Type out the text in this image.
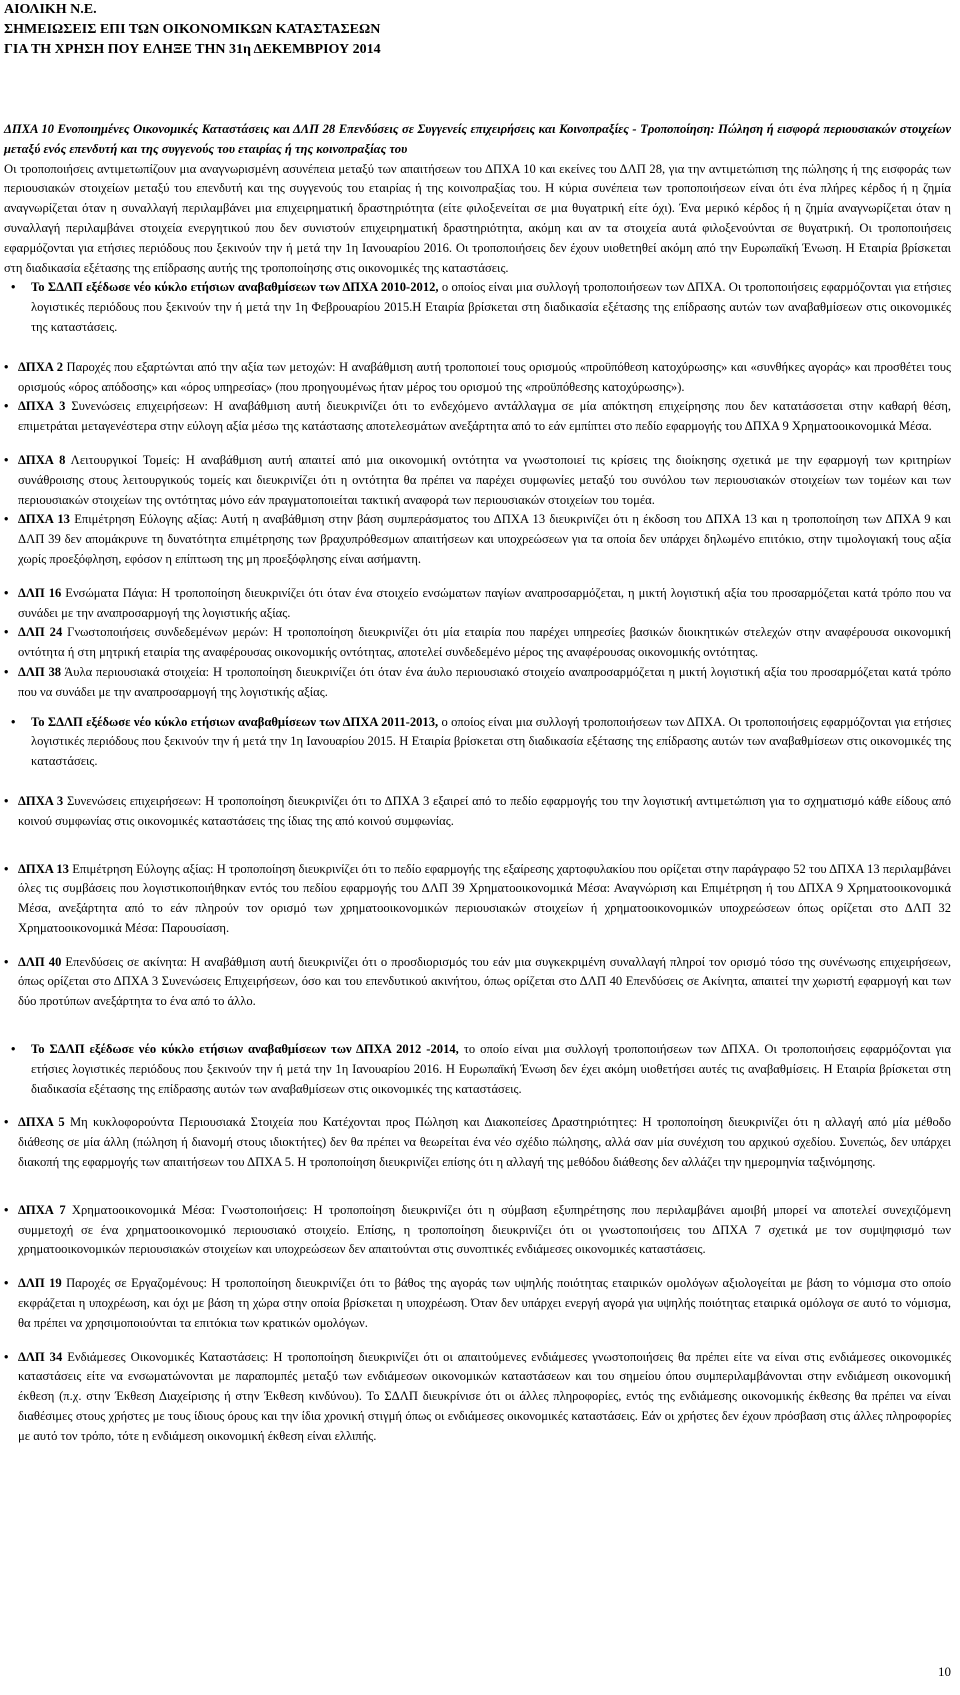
ΑΙΟΛΙΚΗ Ν.Ε.
ΣΗΜΕΙΩΣΕΙΣ ΕΠΙ ΤΩΝ ΟΙΚΟΝΟΜΙΚΩΝ ΚΑΤΑΣΤΑΣΕΩΝ
ΓΙΑ ΤΗ ΧΡΗΣΗ ΠΟΥ ΕΛΗΞΕ ΤΗΝ 31η ΔΕΚΕΜΒΡΙΟΥ 2014

ΔΠΧΑ 10 Ενοποιημένες Οικονομικές Καταστάσεις και ΔΛΠ 28 Επενδύσεις σε Συγγενείς επιχειρήσεις και Κοινοπραξίες - Τροποποίηση: Πώληση ή εισφορά περιουσιακών στοιχείων μεταξύ ενός επενδυτή και της συγγενούς του εταιρίας ή της κοινοπραξίας του

Οι τροποποιήσεις αντιμετωπίζουν μια αναγνωρισμένη ασυνέπεια μεταξύ των απαιτήσεων του ΔΠΧΑ 10 και εκείνες του ΔΛΠ 28, για την αντιμετώπιση της πώλησης ή της εισφοράς των περιουσιακών στοιχείων μεταξύ του επενδυτή και της συγγενούς του εταιρίας ή της κοινοπραξίας του. Η κύρια συνέπεια των τροποποιήσεων είναι ότι ένα πλήρες κέρδος ή η ζημία αναγνωρίζεται όταν η συναλλαγή περιλαμβάνει μια επιχειρηματική δραστηριότητα (είτε φιλοξενείται σε μια θυγατρική είτε όχι). Ένα μερικό κέρδος ή η ζημία αναγνωρίζεται όταν η συναλλαγή περιλαμβάνει στοιχεία ενεργητικού που δεν συνιστούν επιχειρηματική δραστηριότητα, ακόμη και αν τα στοιχεία αυτά φιλοξενούνται σε θυγατρική. Οι τροποποιήσεις εφαρμόζονται για ετήσιες περιόδους που ξεκινούν την ή μετά την 1η Ιανουαρίου 2016. Οι τροποποιήσεις δεν έχουν υιοθετηθεί ακόμη από την Ευρωπαϊκή Ένωση. Η Εταιρία βρίσκεται στη διαδικασία εξέτασης της επίδρασης αυτής της τροποποίησης στις οικονομικές της καταστάσεις.

• Το ΣΔΛΠ εξέδωσε νέο κύκλο ετήσιων αναβαθμίσεων των ΔΠΧΑ 2010-2012, ο οποίος είναι μια συλλογή τροποποιήσεων των ΔΠΧΑ. Οι τροποποιήσεις εφαρμόζονται για ετήσιες λογιστικές περιόδους που ξεκινούν την ή μετά την 1η Φεβρουαρίου 2015.Η Εταιρία βρίσκεται στη διαδικασία εξέτασης της επίδρασης αυτών των αναβαθμίσεων στις οικονομικές της καταστάσεις.

• ΔΠΧΑ 2 Παροχές που εξαρτώνται από την αξία των μετοχών: Η αναβάθμιση αυτή τροποποιεί τους ορισμούς «προϋπόθεση κατοχύρωσης» και «συνθήκες αγοράς» και προσθέτει τους ορισμούς «όρος απόδοσης» και «όρος υπηρεσίας» (που προηγουμένως ήταν μέρος του ορισμού της «προϋπόθεσης κατοχύρωσης»).

• ΔΠΧΑ 3 Συνενώσεις επιχειρήσεων: Η αναβάθμιση αυτή διευκρινίζει ότι το ενδεχόμενο αντάλλαγμα σε μία απόκτηση επιχείρησης που δεν κατατάσσεται στην καθαρή θέση, επιμετράται μεταγενέστερα στην εύλογη αξία μέσω της κατάστασης αποτελεσμάτων ανεξάρτητα από το εάν εμπίπτει στο πεδίο εφαρμογής του ΔΠΧΑ 9 Χρηματοοικονομικά Μέσα.

• ΔΠΧΑ 8 Λειτουργικοί Τομείς: Η αναβάθμιση αυτή απαιτεί από μια οικονομική οντότητα να γνωστοποιεί τις κρίσεις της διοίκησης σχετικά με την εφαρμογή των κριτηρίων συνάθροισης στους λειτουργικούς τομείς και διευκρινίζει ότι η οντότητα θα πρέπει να παρέχει συμφωνίες μεταξύ του συνόλου των περιουσιακών στοιχείων των τομέων και των περιουσιακών στοιχείων της οντότητας μόνο εάν πραγματοποιείται τακτική αναφορά των περιουσιακών στοιχείων του τομέα.

• ΔΠΧΑ 13 Επιμέτρηση Εύλογης αξίας: Αυτή η αναβάθμιση στην βάση συμπεράσματος του ΔΠΧΑ 13 διευκρινίζει ότι η έκδοση του ΔΠΧΑ 13 και η τροποποίηση των ΔΠΧΑ 9 και ΔΛΠ 39 δεν απομάκρυνε τη δυνατότητα επιμέτρησης των βραχυπρόθεσμων απαιτήσεων και υποχρεώσεων για τα οποία δεν υπάρχει δηλωμένο επιτόκιο, στην τιμολογιακή τους αξία χωρίς προεξόφληση, εφόσον η επίπτωση της μη προεξόφλησης είναι ασήμαντη.

• ΔΛΠ 16 Ενσώματα Πάγια: Η τροποποίηση διευκρινίζει ότι όταν ένα στοιχείο ενσώματων παγίων αναπροσαρμόζεται, η μικτή λογιστική αξία του προσαρμόζεται κατά τρόπο που να συνάδει με την αναπροσαρμογή της λογιστικής αξίας.

• ΔΛΠ 24 Γνωστοποιήσεις συνδεδεμένων μερών: Η τροποποίηση διευκρινίζει ότι μία εταιρία που παρέχει υπηρεσίες βασικών διοικητικών στελεχών στην αναφέρουσα οικονομική οντότητα ή στη μητρική εταιρία της αναφέρουσας οικονομικής οντότητας, αποτελεί συνδεδεμένο μέρος της αναφέρουσας οικονομικής οντότητας.

• ΔΛΠ 38 Άυλα περιουσιακά στοιχεία: Η τροποποίηση διευκρινίζει ότι όταν ένα άυλο περιουσιακό στοιχείο αναπροσαρμόζεται η μικτή λογιστική αξία του προσαρμόζεται κατά τρόπο που να συνάδει με την αναπροσαρμογή της λογιστικής αξίας.

• Το ΣΔΛΠ εξέδωσε νέο κύκλο ετήσιων αναβαθμίσεων των ΔΠΧΑ 2011-2013, ο οποίος είναι μια συλλογή τροποποιήσεων των ΔΠΧΑ. Οι τροποποιήσεις εφαρμόζονται για ετήσιες λογιστικές περιόδους που ξεκινούν την ή μετά την 1η Ιανουαρίου 2015. Η Εταιρία βρίσκεται στη διαδικασία εξέτασης της επίδρασης αυτών των αναβαθμίσεων στις οικονομικές της καταστάσεις.

• ΔΠΧΑ 3 Συνενώσεις επιχειρήσεων: Η τροποποίηση διευκρινίζει ότι το ΔΠΧΑ 3 εξαιρεί από το πεδίο εφαρμογής του την λογιστική αντιμετώπιση για το σχηματισμό κάθε είδους από κοινού συμφωνίας στις οικονομικές καταστάσεις της ίδιας της από κοινού συμφωνίας.

• ΔΠΧΑ 13 Επιμέτρηση Εύλογης αξίας: Η τροποποίηση διευκρινίζει ότι το πεδίο εφαρμογής της εξαίρεσης χαρτοφυλακίου που ορίζεται στην παράγραφο 52 του ΔΠΧΑ 13 περιλαμβάνει όλες τις συμβάσεις που λογιστικοποιήθηκαν εντός του πεδίου εφαρμογής του ΔΛΠ 39 Χρηματοοικονομικά Μέσα: Αναγνώριση και Επιμέτρηση ή του ΔΠΧΑ 9 Χρηματοοικονομικά Μέσα, ανεξάρτητα από το εάν πληρούν τον ορισμό των χρηματοοικονομικών περιουσιακών στοιχείων ή χρηματοοικονομικών υποχρεώσεων όπως ορίζεται στο ΔΛΠ 32 Χρηματοοικονομικά Μέσα: Παρουσίαση.

• ΔΛΠ 40 Επενδύσεις σε ακίνητα: Η αναβάθμιση αυτή διευκρινίζει ότι ο προσδιορισμός του εάν μια συγκεκριμένη συναλλαγή πληροί τον ορισμό τόσο της συνένωσης επιχειρήσεων, όπως ορίζεται στο ΔΠΧΑ 3 Συνενώσεις Επιχειρήσεων, όσο και του επενδυτικού ακινήτου, όπως ορίζεται στο ΔΛΠ 40 Επενδύσεις σε Ακίνητα, απαιτεί την χωριστή εφαρμογή και των δύο προτύπων ανεξάρτητα το ένα από το άλλο.

• Το ΣΔΛΠ εξέδωσε νέο κύκλο ετήσιων αναβαθμίσεων των ΔΠΧΑ 2012 -2014, το οποίο είναι μια συλλογή τροποποιήσεων των ΔΠΧΑ. Οι τροποποιήσεις εφαρμόζονται για ετήσιες λογιστικές περιόδους που ξεκινούν την ή μετά την 1η Ιανουαρίου 2016. Η Ευρωπαϊκή Ένωση δεν έχει ακόμη υιοθετήσει αυτές τις αναβαθμίσεις. Η Εταιρία βρίσκεται στη διαδικασία εξέτασης της επίδρασης αυτών των αναβαθμίσεων στις οικονομικές της καταστάσεις.

• ΔΠΧΑ 5 Μη κυκλοφορούντα Περιουσιακά Στοιχεία που Κατέχονται προς Πώληση και Διακοπείσες Δραστηριότητες: Η τροποποίηση διευκρινίζει ότι η αλλαγή από μία μέθοδο διάθεσης σε μία άλλη (πώληση ή διανομή στους ιδιοκτήτες) δεν θα πρέπει να θεωρείται ένα νέο σχέδιο πώλησης, αλλά σαν μία συνέχιση του αρχικού σχεδίου. Συνεπώς, δεν υπάρχει διακοπή της εφαρμογής των απαιτήσεων του ΔΠΧΑ 5. Η τροποποίηση διευκρινίζει επίσης ότι η αλλαγή της μεθόδου διάθεσης δεν αλλάζει την ημερομηνία ταξινόμησης.

• ΔΠΧΑ 7 Χρηματοοικονομικά Μέσα: Γνωστοποιήσεις: Η τροποποίηση διευκρινίζει ότι η σύμβαση εξυπηρέτησης που περιλαμβάνει αμοιβή μπορεί να αποτελεί συνεχιζόμενη συμμετοχή σε ένα χρηματοοικονομικό περιουσιακό στοιχείο. Επίσης, η τροποποίηση διευκρινίζει ότι οι γνωστοποιήσεις του ΔΠΧΑ 7 σχετικά με τον συμψηφισμό των χρηματοοικονομικών περιουσιακών στοιχείων και υποχρεώσεων δεν απαιτούνται στις συνοπτικές ενδιάμεσες οικονομικές καταστάσεις.

• ΔΛΠ 19 Παροχές σε Εργαζομένους: Η τροποποίηση διευκρινίζει ότι το βάθος της αγοράς των υψηλής ποιότητας εταιρικών ομολόγων αξιολογείται με βάση το νόμισμα στο οποίο εκφράζεται η υποχρέωση, και όχι με βάση τη χώρα στην οποία βρίσκεται η υποχρέωση. Όταν δεν υπάρχει ενεργή αγορά για υψηλής ποιότητας εταιρικά ομόλογα σε αυτό το νόμισμα, θα πρέπει να χρησιμοποιούνται τα επιτόκια των κρατικών ομολόγων.

• ΔΛΠ 34 Ενδιάμεσες Οικονομικές Καταστάσεις: Η τροποποίηση διευκρινίζει ότι οι απαιτούμενες ενδιάμεσες γνωστοποιήσεις θα πρέπει είτε να είναι στις ενδιάμεσες οικονομικές καταστάσεις είτε να ενσωματώνονται με παραπομπές μεταξύ των ενδιάμεσων οικονομικών καταστάσεων και του σημείου όπου συμπεριλαμβάνονται στην ενδιάμεση οικονομική έκθεση (π.χ. στην Έκθεση Διαχείρισης ή στην Έκθεση κινδύνου). Το ΣΔΛΠ διευκρίνισε ότι οι άλλες πληροφορίες, εντός της ενδιάμεσης οικονομικής έκθεσης θα πρέπει να είναι διαθέσιμες στους χρήστες με τους ίδιους όρους και την ίδια χρονική στιγμή όπως οι ενδιάμεσες οικονομικές καταστάσεις. Εάν οι χρήστες δεν έχουν πρόσβαση στις άλλες πληροφορίες με αυτό τον τρόπο, τότε η ενδιάμεση οικονομική έκθεση είναι ελλιπής.

10
